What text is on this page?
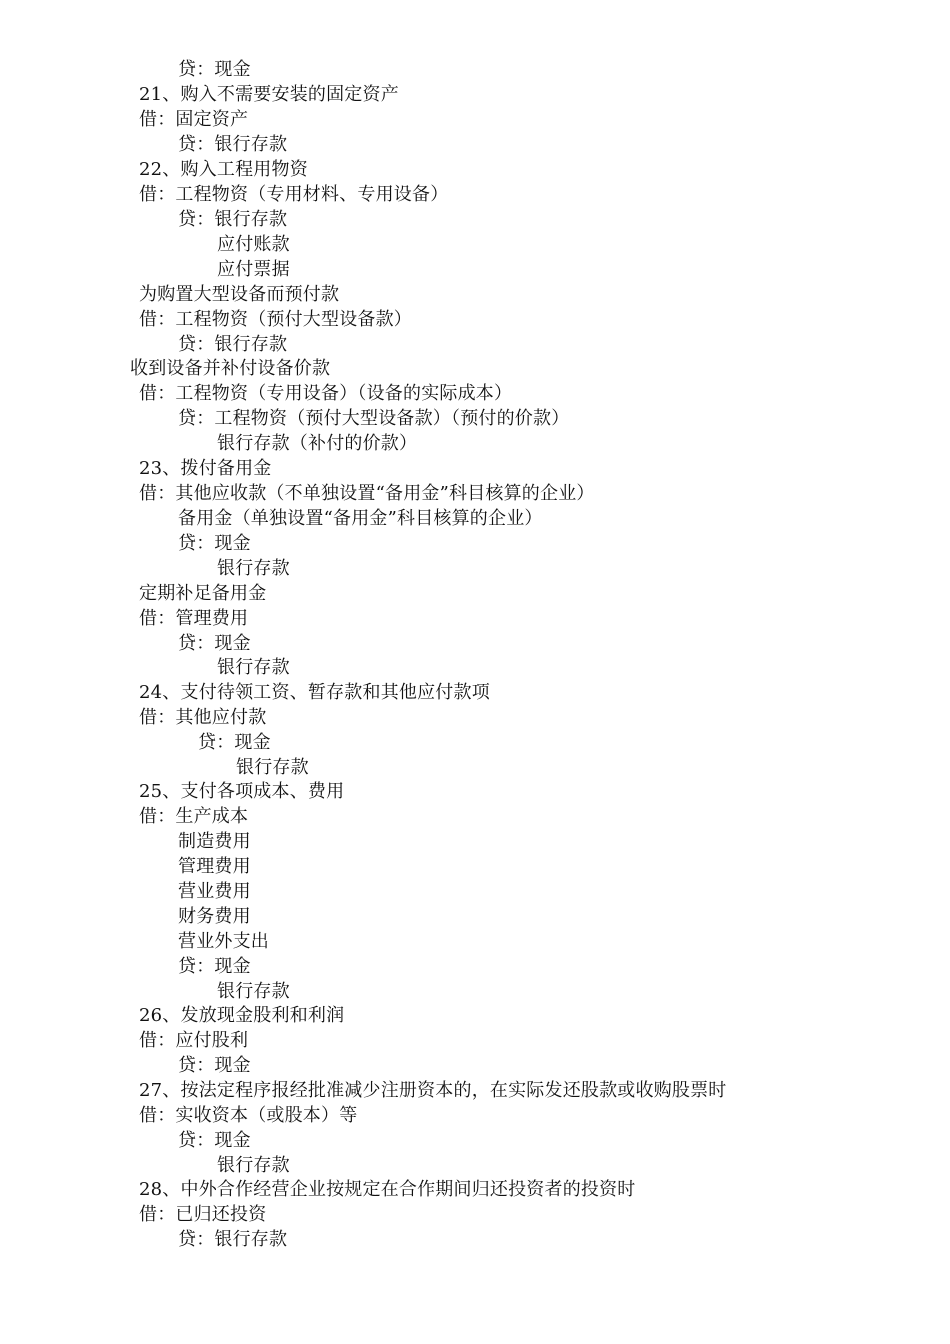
贷：现金
21、购入不需要安装的固定资产
借：固定资产
贷：银行存款
22、购入工程用物资
借：工程物资（专用材料、专用设备）
贷：银行存款
应付账款
应付票据
为购置大型设备而预付款
借：工程物资（预付大型设备款）
贷：银行存款
收到设备并补付设备价款
借：工程物资（专用设备）（设备的实际成本）
贷：工程物资（预付大型设备款）（预付的价款）
银行存款（补付的价款）
23、拨付备用金
借：其他应收款（不单独设置“备用金”科目核算的企业）
备用金（单独设置“备用金”科目核算的企业）
贷：现金
银行存款
定期补足备用金
借：管理费用
贷：现金
银行存款
24、支付待领工资、暂存款和其他应付款项
借：其他应付款
贷：现金
银行存款
25、支付各项成本、费用
借：生产成本
制造费用
管理费用
营业费用
财务费用
营业外支出
贷：现金
银行存款
26、发放现金股利和利润
借：应付股利
贷：现金
27、按法定程序报经批准减少注册资本的，在实际发还股款或收购股票时
借：实收资本（或股本）等
贷：现金
银行存款
28、中外合作经营企业按规定在合作期间归还投资者的投资时
借：已归还投资
贷：银行存款
